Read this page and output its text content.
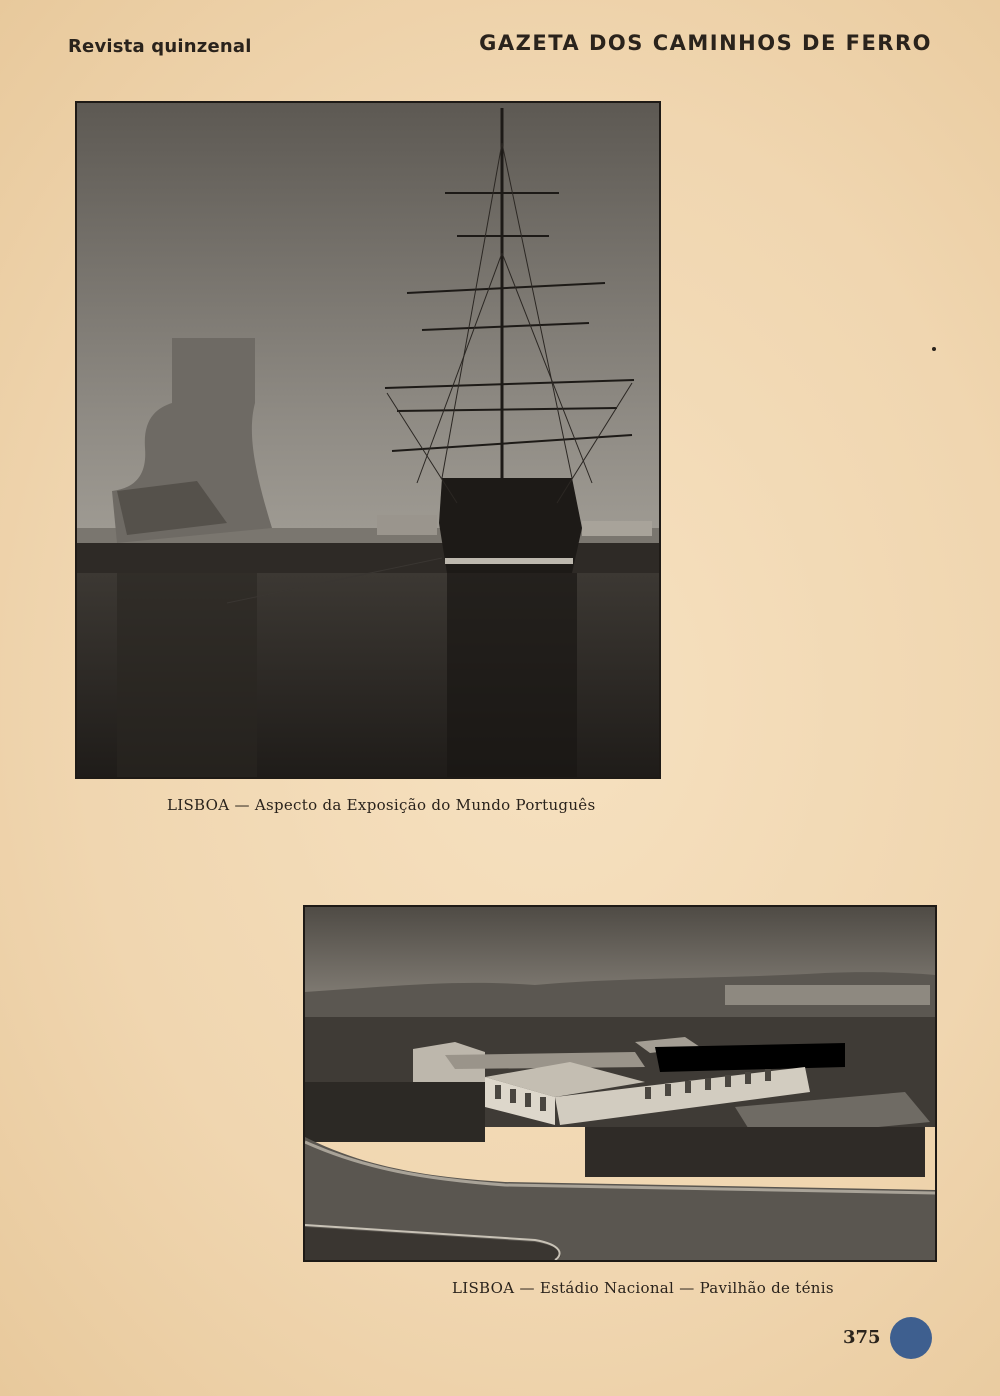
Revista quinzenal	GAZETA DOS CAMINHOS DE FERRO
LISBOA — Aspecto da Exposição do Mundo Português
LISBOA — Estádio Nacional — Pavilhão de ténis
375
